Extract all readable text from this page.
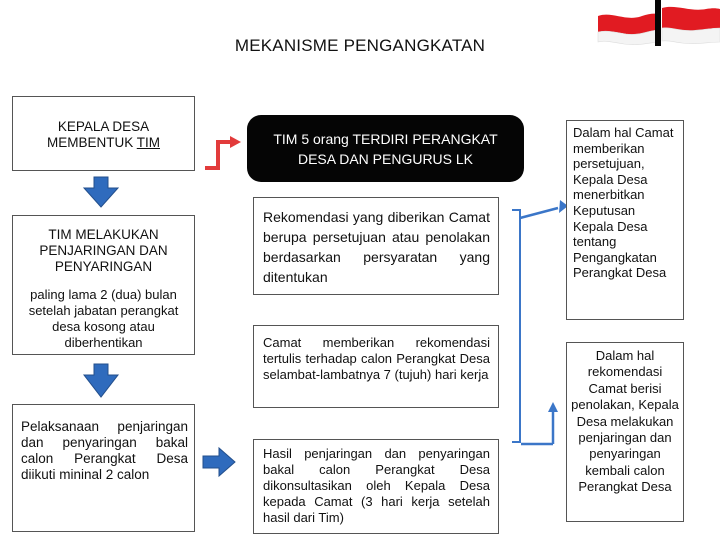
MEKANISME PENGANGKATAN
KEPALA DESA
MEMBENTUK TIM
TIM MELAKUKAN PENJARINGAN DAN PENYARINGAN
paling lama 2 (dua) bulan setelah jabatan perangkat desa kosong atau diberhentikan
Pelaksanaan penjaringan dan penyaringan bakal calon Perangkat Desa diikuti mininal 2 calon
TIM 5 orang TERDIRI PERANGKAT DESA DAN PENGURUS LK
Rekomendasi yang diberikan Camat berupa persetujuan atau penolakan berdasarkan persyaratan yang ditentukan
Camat memberikan rekomendasi tertulis terhadap calon Perangkat Desa selambat-lambatnya 7 (tujuh) hari kerja
Hasil penjaringan dan penyaringan bakal calon Perangkat Desa dikonsultasikan oleh Kepala Desa kepada Camat (3 hari kerja setelah hasil dari Tim)
Dalam hal Camat memberikan persetujuan, Kepala Desa menerbitkan Keputusan Kepala Desa tentang Pengangkatan Perangkat Desa
Dalam hal rekomendasi Camat berisi penolakan, Kepala Desa melakukan penjaringan dan penyaringan kembali calon Perangkat Desa
